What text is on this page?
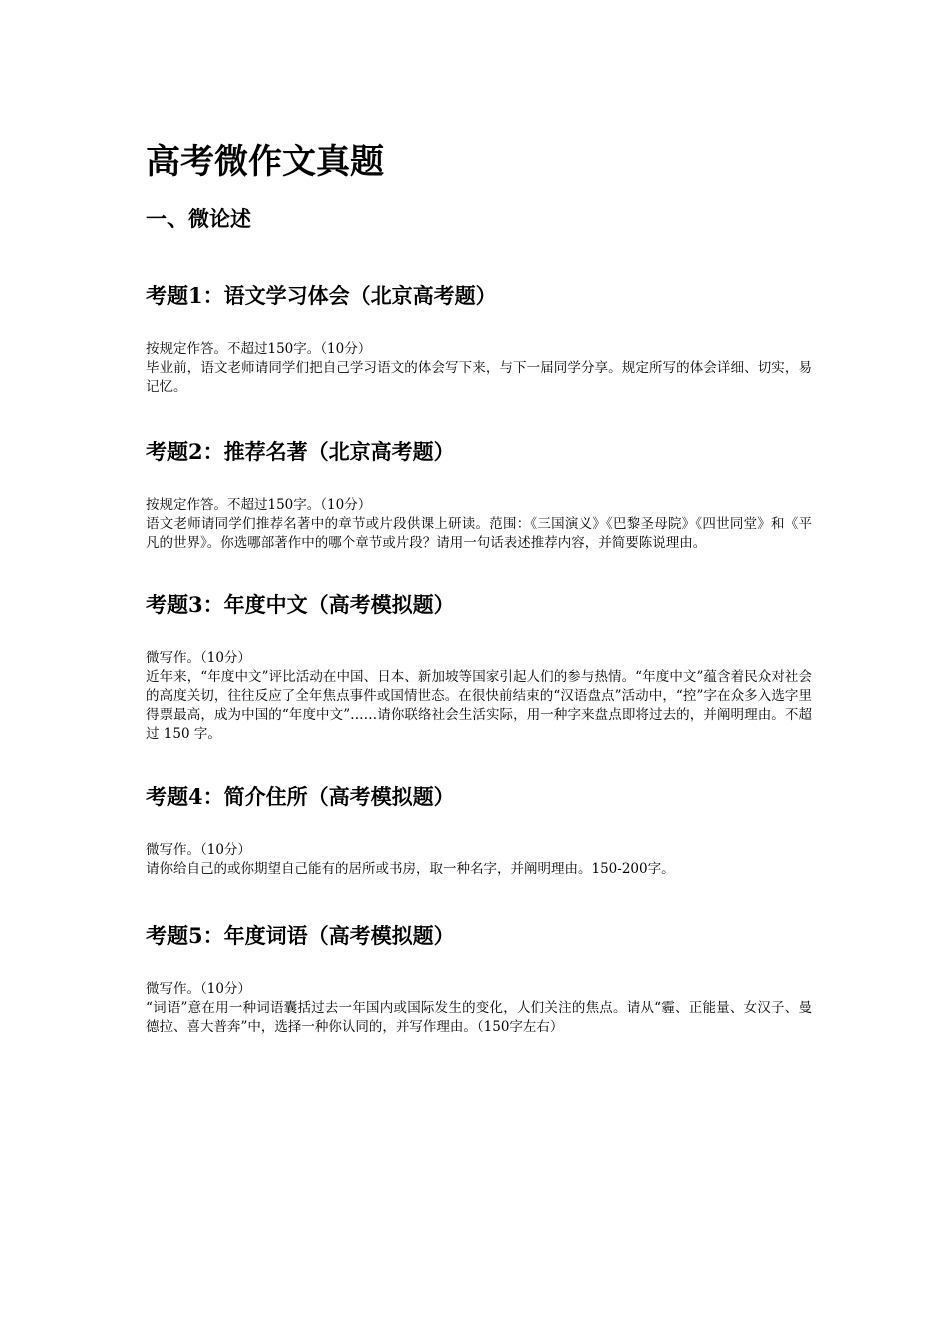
高考微作文真题
一、微论述
考题1：语文学习体会（北京高考题）

按规定作答。不超过150字。（10分）

毕业前，语文老师请同学们把自己学习语文的体会写下来，与下一届同学分享。规定所写的体会详细、切实，易记忆。

考题2：推荐名著（北京高考题）

按规定作答。不超过150字。（10分）

语文老师请同学们推荐名著中的章节或片段供课上研读。范围：《三国演义》《巴黎圣母院》《四世同堂》和《平凡的世界》。你选哪部著作中的哪个章节或片段？请用一句话表述推荐内容，并简要陈说理由。

考题3：年度中文（高考模拟题）

微写作。（10分）

近年来，“年度中文”评比活动在中国、日本、新加坡等国家引起人们的参与热情。“年度中文”蕴含着民众对社会的高度关切，往往反应了全年焦点事件或国情世态。在很快前结束的“汉语盘点”活动中，“控”字在众多入选字里得票最高，成为中国的“年度中文”……请你联络社会生活实际，用一种字来盘点即将过去的，并阐明理由。不超过 150 字。

考题4：简介住所（高考模拟题）

微写作。（10分）

请你给自己的或你期望自己能有的居所或书房，取一种名字，并阐明理由。150-200字。

考题5：年度词语（高考模拟题）

微写作。（10分）

“词语”意在用一种词语囊括过去一年国内或国际发生的变化，人们关注的焦点。请从“霾、正能量、女汉子、曼德拉、喜大普奔”中，选择一种你认同的，并写作理由。（150字左右）
